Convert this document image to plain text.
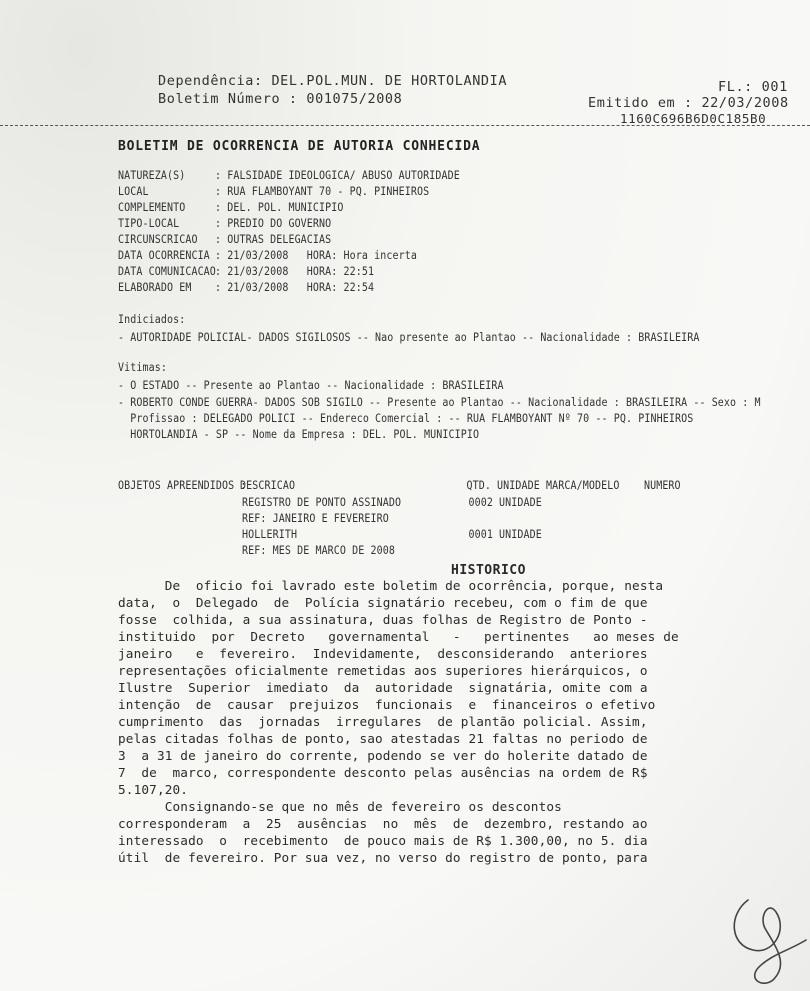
Dependência: DEL.POL.MUN. DE HORTOLANDIA
Boletim Número : 001075/2008
FL.: 001
Emitido em : 22/03/2008
1160C696B6D0C185B0
BOLETIM DE OCORRENCIA DE AUTORIA CONHECIDA
NATUREZA(S)	: FALSIDADE IDEOLOGICA/ ABUSO AUTORIDADE
LOCAL	: RUA FLAMBOYANT 70 - PQ. PINHEIROS
COMPLEMENTO	: DEL. POL. MUNICIPIO
TIPO-LOCAL	: PREDIO DO GOVERNO
CIRCUNSCRICAO : OUTRAS DELEGACIAS
DATA OCORRENCIA : 21/03/2008   HORA: Hora incerta
DATA COMUNICACAO : 21/03/2008   HORA: 22:51
ELABORADO EM : 21/03/2008   HORA: 22:54
Indiciados:
- AUTORIDADE POLICIAL- DADOS SIGILOSOS -- Nao presente ao Plantao -- Nacionalidade : BRASILEIRA
Vitimas:
- O ESTADO -- Presente ao Plantao -- Nacionalidade : BRASILEIRA
- ROBERTO CONDE GUERRA- DADOS SOB SIGILO -- Presente ao Plantao -- Nacionalidade : BRASILEIRA -- Sexo : M
Profissao : DELEGADO POLICI -- Endereco Comercial : -- RUA FLAMBOYANT Nº 70 -- PQ. PINHEIROS
HORTOLANDIA - SP -- Nome da Empresa : DEL. POL. MUNICIPIO
OBJETOS APREENDIDOS :
DESCRICAO                            QTD. UNIDADE MARCA/MODELO    NUMERO
REGISTRO DE PONTO ASSINADO           0002 UNIDADE
REF: JANEIRO E FEVEREIRO
HOLLERITH                            0001 UNIDADE
REF: MES DE MARCO DE 2008
HISTORICO
De  oficio foi lavrado este boletim de ocorrência, porque, nesta
data,  o  Delegado  de  Polícia signatário recebeu, com o fim de que
fosse  colhida, a sua assinatura, duas folhas de Registro de Ponto -
instituido  por  Decreto   governamental   -   pertinentes   ao meses de
janeiro   e  fevereiro.  Indevidamente,  desconsiderando  anteriores
representações oficialmente remetidas aos superiores hierárquicos, o
Ilustre  Superior  imediato  da  autoridade  signatária, omite com a
intenção  de  causar  prejuizos  funcionais  e  financeiros o efetivo
cumprimento  das  jornadas  irregulares  de plantão policial. Assim,
pelas citadas folhas de ponto, sao atestadas 21 faltas no periodo de
3  a 31 de janeiro do corrente, podendo se ver do holerite datado de
7  de  marco, correspondente desconto pelas ausências na ordem de R$
5.107,20.
Consignando-se que no mês de fevereiro os descontos
corresponderam  a  25  ausências  no  mês  de  dezembro, restando ao
interessado  o  recebimento  de pouco mais de R$ 1.300,00, no 5. dia
útil  de fevereiro. Por sua vez, no verso do registro de ponto, para
